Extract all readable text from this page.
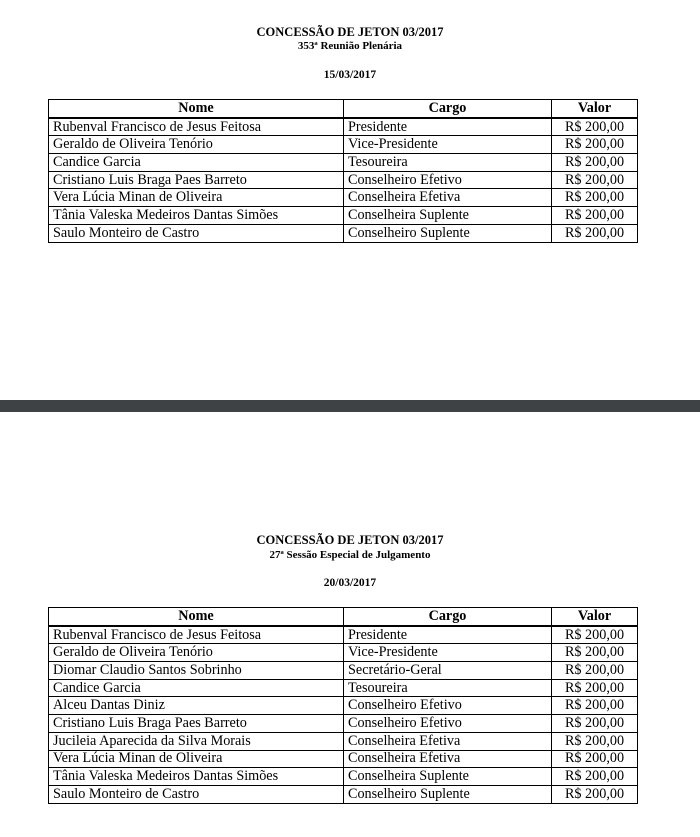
CONCESSÃO DE JETON 03/2017
353ª Reunião Plenária
15/03/2017
Nome	Cargo	Valor
Rubenval Francisco de Jesus Feitosa	Presidente	R$ 200,00
Geraldo de Oliveira Tenório	Vice-Presidente	R$ 200,00
Candice Garcia	Tesoureira	R$ 200,00
Cristiano Luis Braga Paes Barreto	Conselheiro Efetivo	R$ 200,00
Vera Lúcia Minan de Oliveira	Conselheira Efetiva	R$ 200,00
Tânia Valeska Medeiros Dantas Simões	Conselheira Suplente	R$ 200,00
Saulo Monteiro de Castro	Conselheiro Suplente	R$ 200,00
CONCESSÃO DE JETON 03/2017
27ª Sessão Especial de Julgamento
20/03/2017
Nome	Cargo	Valor
Rubenval Francisco de Jesus Feitosa	Presidente	R$ 200,00
Geraldo de Oliveira Tenório	Vice-Presidente	R$ 200,00
Diomar Claudio Santos Sobrinho	Secretário-Geral	R$ 200,00
Candice Garcia	Tesoureira	R$ 200,00
Alceu Dantas Diniz	Conselheiro Efetivo	R$ 200,00
Cristiano Luis Braga Paes Barreto	Conselheiro Efetivo	R$ 200,00
Jucileia Aparecida da Silva Morais	Conselheira Efetiva	R$ 200,00
Vera Lúcia Minan de Oliveira	Conselheira Efetiva	R$ 200,00
Tânia Valeska Medeiros Dantas Simões	Conselheira Suplente	R$ 200,00
Saulo Monteiro de Castro	Conselheiro Suplente	R$ 200,00
